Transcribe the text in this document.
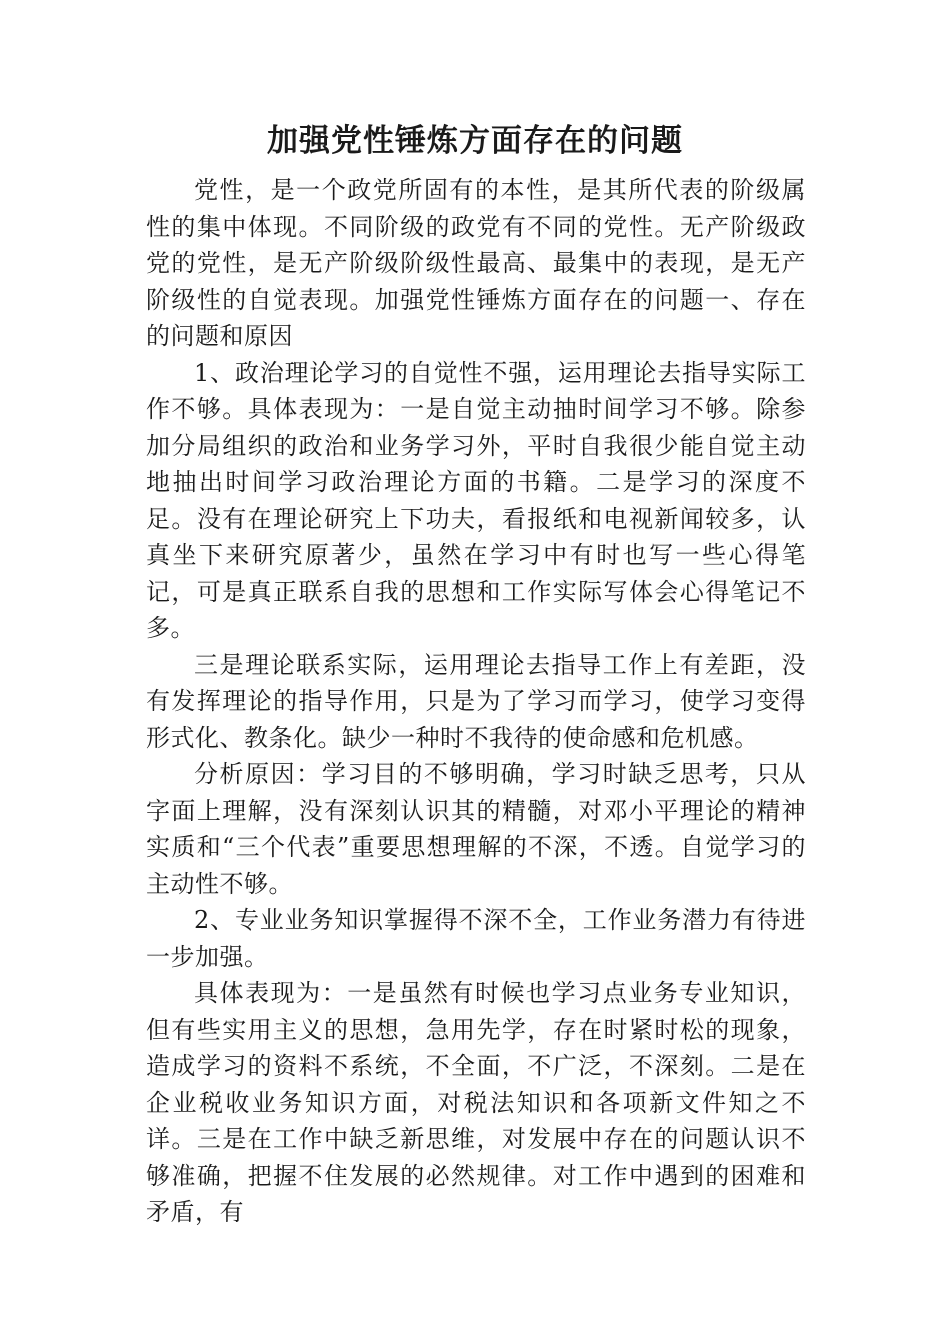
加强党性锤炼方面存在的问题

党性，是一个政党所固有的本性，是其所代表的阶级属性的集中体现。不同阶级的政党有不同的党性。无产阶级政党的党性，是无产阶级阶级性最高、最集中的表现，是无产阶级性的自觉表现。加强党性锤炼方面存在的问题一、存在的问题和原因

1、政治理论学习的自觉性不强，运用理论去指导实际工作不够。具体表现为：一是自觉主动抽时间学习不够。除参加分局组织的政治和业务学习外，平时自我很少能自觉主动地抽出时间学习政治理论方面的书籍。二是学习的深度不足。没有在理论研究上下功夫，看报纸和电视新闻较多，认真坐下来研究原著少，虽然在学习中有时也写一些心得笔记，可是真正联系自我的思想和工作实际写体会心得笔记不多。

三是理论联系实际，运用理论去指导工作上有差距，没有发挥理论的指导作用，只是为了学习而学习，使学习变得形式化、教条化。缺少一种时不我待的使命感和危机感。

分析原因：学习目的不够明确，学习时缺乏思考，只从字面上理解，没有深刻认识其的精髓，对邓小平理论的精神实质和“三个代表”重要思想理解的不深，不透。自觉学习的主动性不够。

2、专业业务知识掌握得不深不全，工作业务潜力有待进一步加强。

具体表现为：一是虽然有时候也学习点业务专业知识，但有些实用主义的思想，急用先学，存在时紧时松的现象，造成学习的资料不系统，不全面，不广泛，不深刻。二是在企业税收业务知识方面，对税法知识和各项新文件知之不详。三是在工作中缺乏新思维，对发展中存在的问题认识不够准确，把握不住发展的必然规律。对工作中遇到的困难和矛盾，有
